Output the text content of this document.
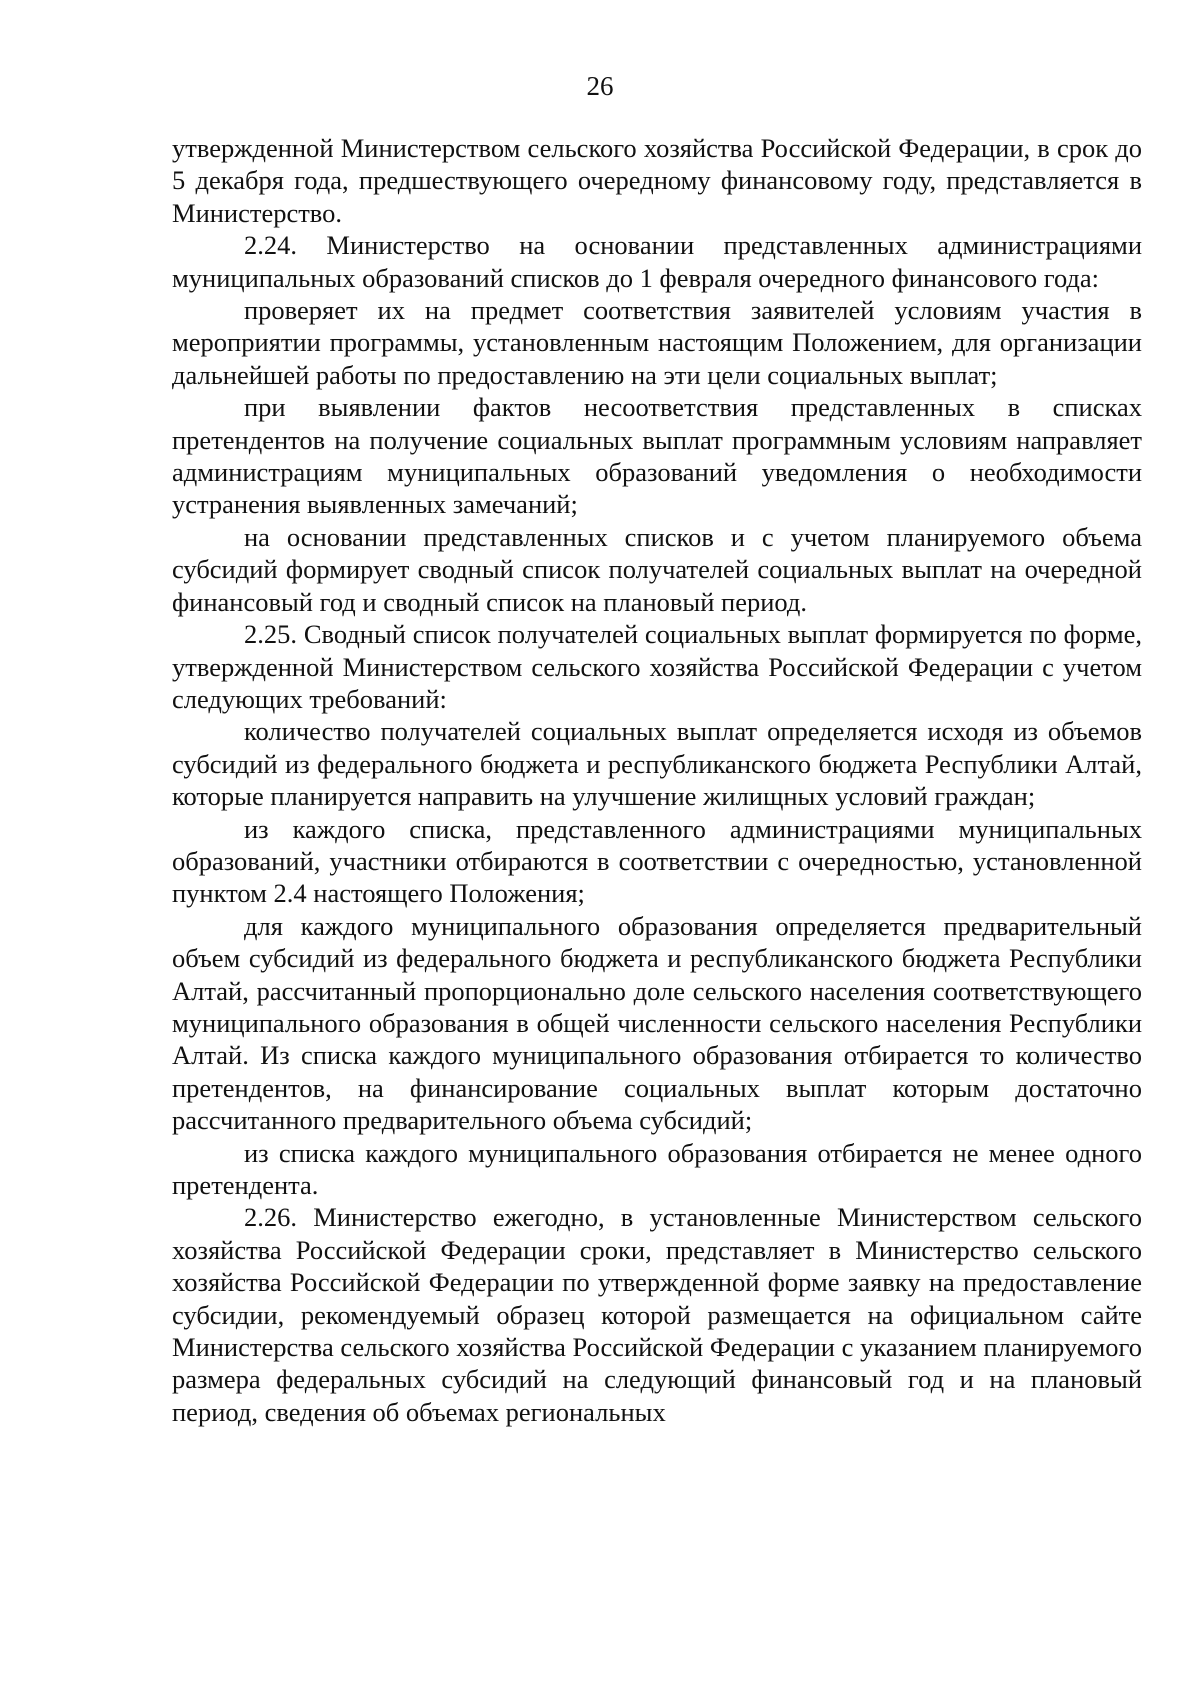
26

утвержденной Министерством сельского хозяйства Российской Федерации, в срок до 5 декабря года, предшествующего очередному финансовому году, представляется в Министерство.

2.24. Министерство на основании представленных администрациями муниципальных образований списков до 1 февраля очередного финансового года:

проверяет их на предмет соответствия заявителей условиям участия в мероприятии программы, установленным настоящим Положением, для организации дальнейшей работы по предоставлению на эти цели социальных выплат;

при выявлении фактов несоответствия представленных в списках претендентов на получение социальных выплат программным условиям направляет администрациям муниципальных образований уведомления о необходимости устранения выявленных замечаний;

на основании представленных списков и с учетом планируемого объема субсидий формирует сводный список получателей социальных выплат на очередной финансовый год и сводный список на плановый период.

2.25. Сводный список получателей социальных выплат формируется по форме, утвержденной Министерством сельского хозяйства Российской Федерации с учетом следующих требований:

количество получателей социальных выплат определяется исходя из объемов субсидий из федерального бюджета и республиканского бюджета Республики Алтай, которые планируется направить на улучшение жилищных условий граждан;

из каждого списка, представленного администрациями муниципальных образований, участники отбираются в соответствии с очередностью, установленной пунктом 2.4 настоящего Положения;

для каждого муниципального образования определяется предварительный объем субсидий из федерального бюджета и республиканского бюджета Республики Алтай, рассчитанный пропорционально доле сельского населения соответствующего муниципального образования в общей численности сельского населения Республики Алтай. Из списка каждого муниципального образования отбирается то количество претендентов, на финансирование социальных выплат которым достаточно рассчитанного предварительного объема субсидий;

из списка каждого муниципального образования отбирается не менее одного претендента.

2.26. Министерство ежегодно, в установленные Министерством сельского хозяйства Российской Федерации сроки, представляет в Министерство сельского хозяйства Российской Федерации по утвержденной форме заявку на предоставление субсидии, рекомендуемый образец которой размещается на официальном сайте Министерства сельского хозяйства Российской Федерации с указанием планируемого размера федеральных субсидий на следующий финансовый год и на плановый период, сведения об объемах региональных
